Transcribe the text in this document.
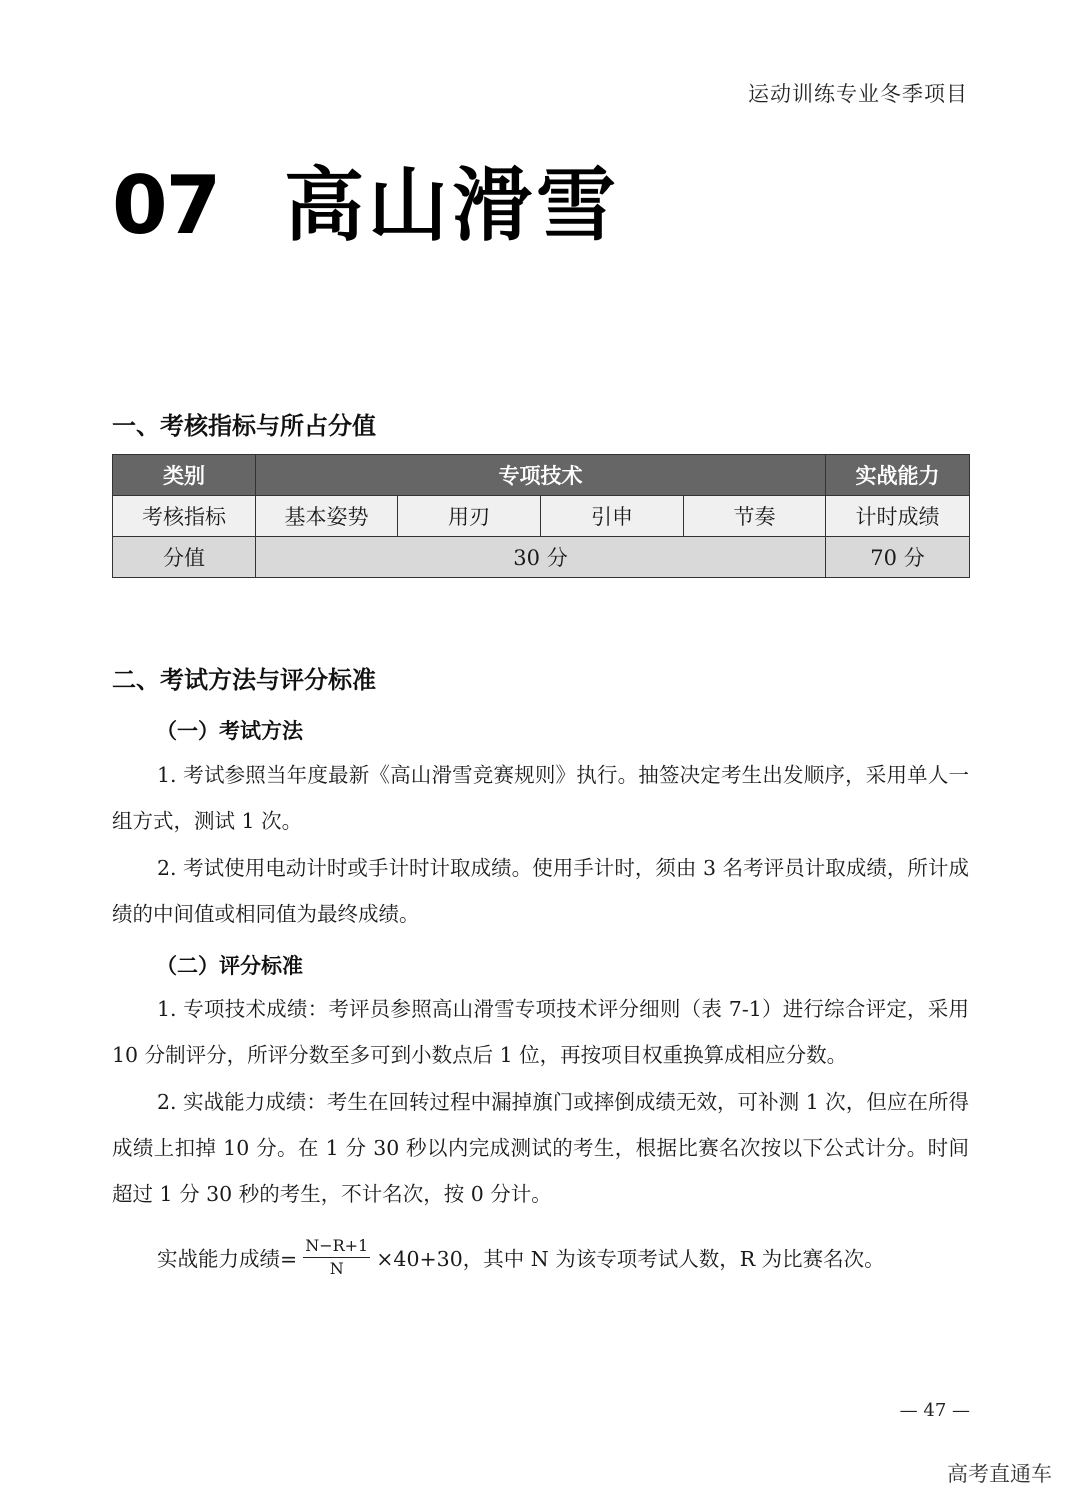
运动训练专业冬季项目
07 高山滑雪
一、考核指标与所占分值
类别	专项技术				实战能力
考核指标	基本姿势	用刃	引申	节奏	计时成绩
分值	30 分				70 分
二、考试方法与评分标准
（一）考试方法
1. 考试参照当年度最新《高山滑雪竞赛规则》执行。抽签决定考生出发顺序，采用单人一组方式，测试 1 次。
2. 考试使用电动计时或手计时计取成绩。使用手计时，须由 3 名考评员计取成绩，所计成绩的中间值或相同值为最终成绩。
（二）评分标准
1. 专项技术成绩：考评员参照高山滑雪专项技术评分细则（表 7-1）进行综合评定，采用 10 分制评分，所评分数至多可到小数点后 1 位，再按项目权重换算成相应分数。
2. 实战能力成绩：考生在回转过程中漏掉旗门或摔倒成绩无效，可补测 1 次，但应在所得成绩上扣掉 10 分。在 1 分 30 秒以内完成测试的考生，根据比赛名次按以下公式计分。时间超过 1 分 30 秒的考生，不计名次，按 0 分计。
实战能力成绩= $\frac{N-R+1}{N} \times 40+30$，其中 N 为该专项考试人数，R 为比赛名次。
— 47 —
高考直通车
